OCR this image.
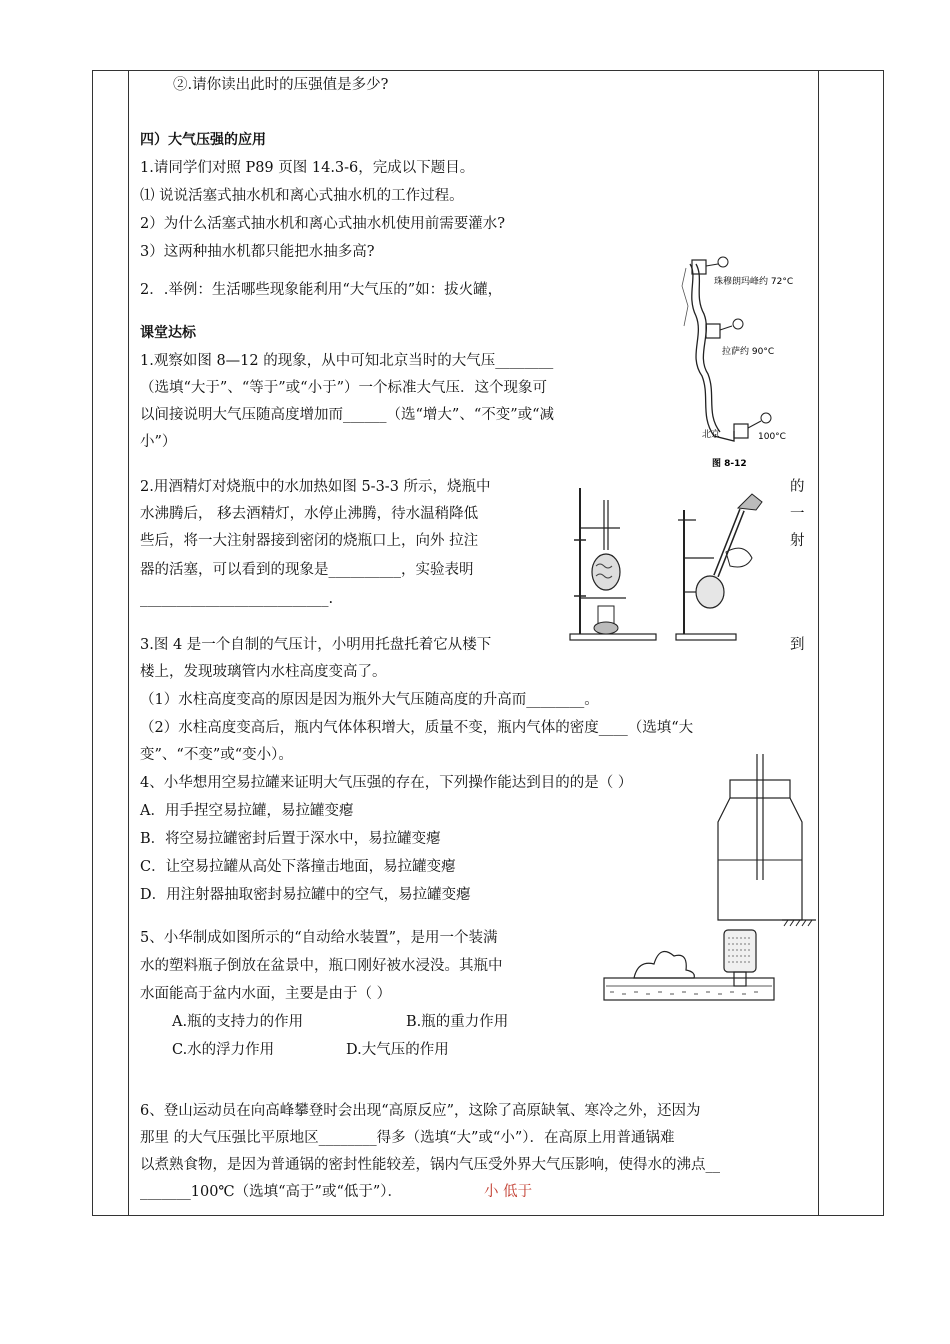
②.请你读出此时的压强值是多少?
四）大气压强的应用
1.请同学们对照 P89 页图 14.3-6，完成以下题目。
⑴ 说说活塞式抽水机和离心式抽水机的工作过程。
2）为什么活塞式抽水机和离心式抽水机使用前需要灌水?
3）这两种抽水机都只能把水抽多高?
2．.举例：生活哪些现象能利用“大气压的”如：拔火罐，
课堂达标
1.观察如图 8—12 的现象，从中可知北京当时的大气压________
（选填“大于”、“等于”或“小于”）一个标准大气压．这个现象可
以间接说明大气压随高度增加而______（选“增大”、“不变”或“减
小”）
珠穆朗玛峰约 72°C
拉萨约 90°C
北京	100°C
图 8-12
2.用酒精灯对烧瓶中的水加热如图 5-3-3 所示，烧瓶中	的
水沸腾后， 移去酒精灯，水停止沸腾，待水温稍降低	一
些后，将一大注射器接到密闭的烧瓶口上，向外 拉注	射
器的活塞，可以看到的现象是__________，实验表明
__________________________.
3.图 4 是一个自制的气压计，小明用托盘托着它从楼下	到
楼上，发现玻璃管内水柱高度变高了。
（1）水柱高度变高的原因是因为瓶外大气压随高度的升高而________。
（2）水柱高度变高后，瓶内气体体积增大，质量不变，瓶内气体的密度____（选填“大
变”、“不变”或“变小）。
4、小华想用空易拉罐来证明大气压强的存在，下列操作能达到目的的是（ ）
A．用手捏空易拉罐，易拉罐变瘪
B．将空易拉罐密封后置于深水中，易拉罐变瘪
C．让空易拉罐从高处下落撞击地面，易拉罐变瘪
D．用注射器抽取密封易拉罐中的空气，易拉罐变瘪
5、小华制成如图所示的“自动给水装置”，是用一个装满
水的塑料瓶子倒放在盆景中，瓶口刚好被水浸没。其瓶中
水面能高于盆内水面，主要是由于（ ）
A.瓶的支持力的作用	B.瓶的重力作用
C.水的浮力作用	D.大气压的作用
6、登山运动员在向高峰攀登时会出现“高原反应”，这除了高原缺氧、寒冷之外，还因为
那里 的大气压强比平原地区________得多（选填“大”或“小”）．在高原上用普通锅难
以煮熟食物，是因为普通锅的密封性能较差，锅内气压受外界大气压影响，使得水的沸点__
_______100℃（选填“高于”或“低于”）．	小 低于
